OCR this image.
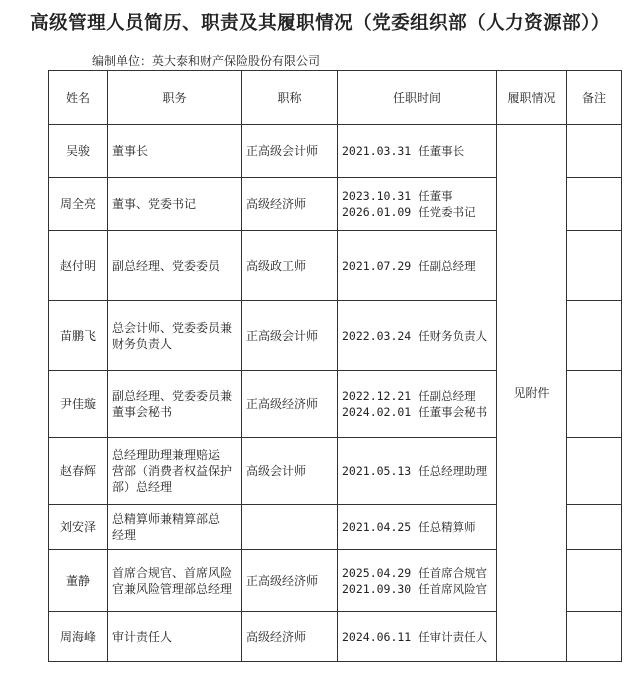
高级管理人员简历、职责及其履职情况（党委组织部（人力资源部））
编制单位：英大泰和财产保险股份有限公司
姓名	职务	职称	任职时间	履职情况	备注
吴骏	董事长	正高级会计师	2021.03.31 任董事长	见附件	
周全亮	董事、党委书记	高级经济师	2023.10.31 任董事
2026.01.09 任党委书记		

赵付明	副总经理、党委委员	高级政工师	2021.07.29 任副总经理		

苗鹏飞	总会计师、党委委员兼
财务负责人	正高级会计师	2022.03.24 任财务负责人		

尹佳璇	副总经理、党委委员兼
董事会秘书	正高级经济师	2022.12.21 任副总经理
2024.02.01 任董事会秘书		

赵春辉	总经理助理兼理赔运
营部（消费者权益保护
部）总经理	高级会计师	2021.05.13 任总经理助理		

刘安泽	总精算师兼精算部总
经理		2021.04.25 任总精算师		

董静	首席合规官、首席风险
官兼风险管理部总经理	正高级经济师	2025.04.29 任首席合规官
2021.09.30 任首席风险官		

周海峰	审计责任人	高级经济师	2024.06.11 任审计责任人		
